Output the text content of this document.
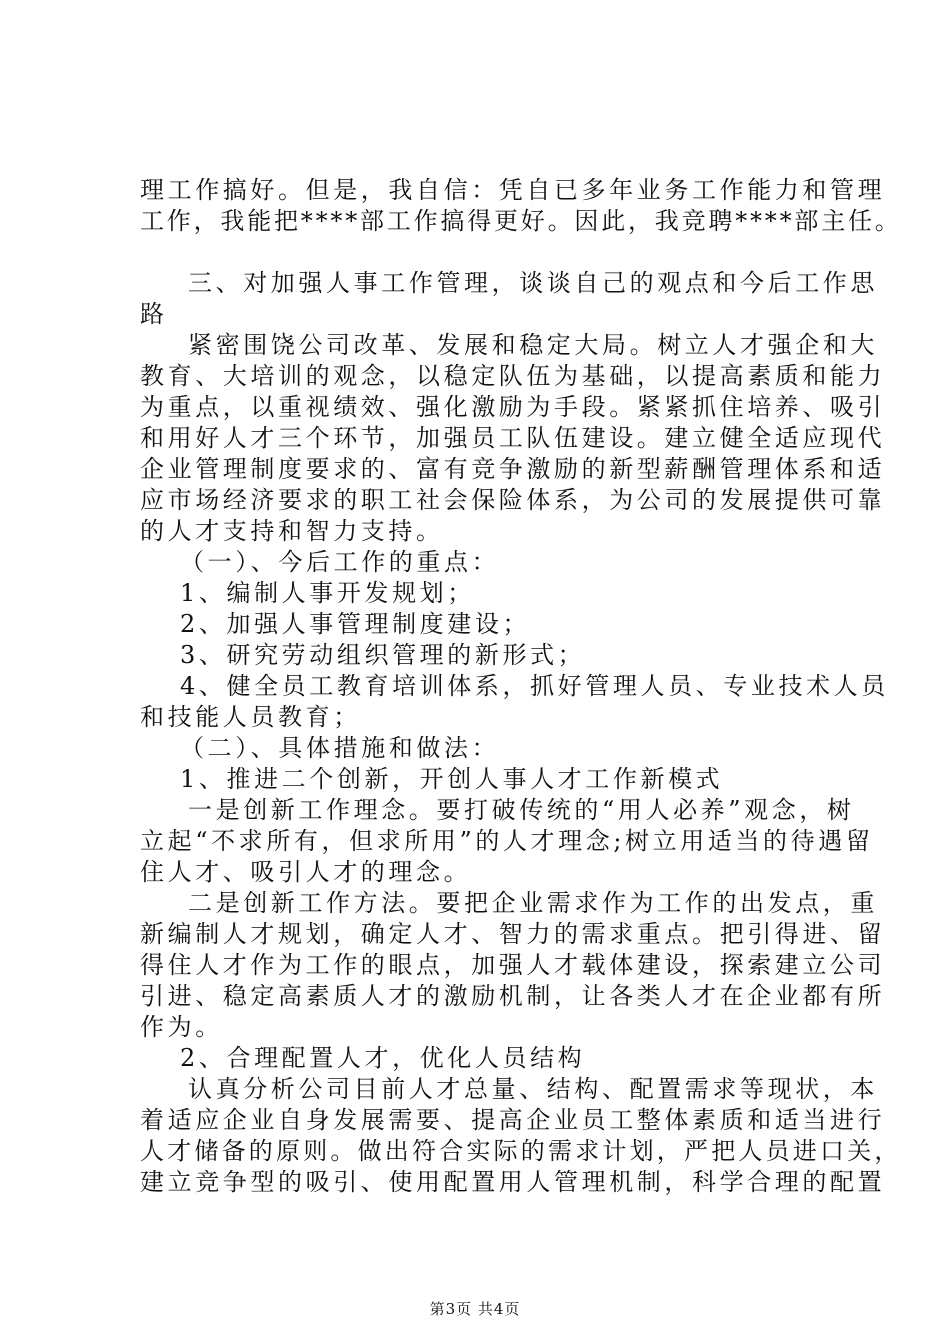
理工作搞好。但是，我自信：凭自已多年业务工作能力和管理
工作，我能把****部工作搞得更好。因此，我竞聘****部主任。
三、对加强人事工作管理，谈谈自己的观点和今后工作思
路
紧密围饶公司改革、发展和稳定大局。树立人才强企和大
教育、大培训的观念，以稳定队伍为基础，以提高素质和能力
为重点，以重视绩效、强化激励为手段。紧紧抓住培养、吸引
和用好人才三个环节，加强员工队伍建设。建立健全适应现代
企业管理制度要求的、富有竞争激励的新型薪酬管理体系和适
应市场经济要求的职工社会保险体系，为公司的发展提供可靠
的人才支持和智力支持。
（一）、今后工作的重点：
1、编制人事开发规划；
2、加强人事管理制度建设；
3、研究劳动组织管理的新形式；
4、健全员工教育培训体系，抓好管理人员、专业技术人员
和技能人员教育；
（二）、具体措施和做法：
1、推进二个创新，开创人事人才工作新模式
一是创新工作理念。要打破传统的“用人必养”观念，树
立起“不求所有，但求所用”的人才理念;树立用适当的待遇留
住人才、吸引人才的理念。
二是创新工作方法。要把企业需求作为工作的出发点，重
新编制人才规划，确定人才、智力的需求重点。把引得进、留
得住人才作为工作的眼点，加强人才载体建设，探索建立公司
引进、稳定高素质人才的激励机制，让各类人才在企业都有所
作为。
2、合理配置人才，优化人员结构
认真分析公司目前人才总量、结构、配置需求等现状，本
着适应企业自身发展需要、提高企业员工整体素质和适当进行
人才储备的原则。做出符合实际的需求计划，严把人员进口关，
建立竞争型的吸引、使用配置用人管理机制，科学合理的配置
第3页 共4页
